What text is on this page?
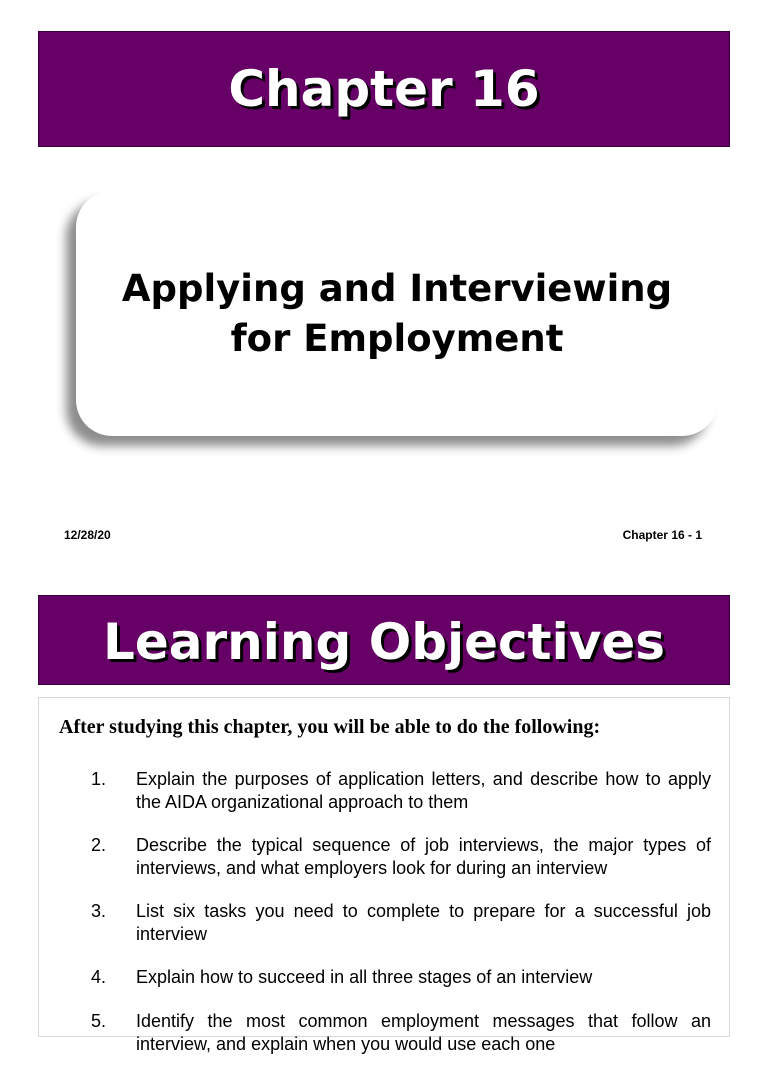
Chapter 16
Applying and Interviewing
for Employment
12/28/20	Chapter 16 - 1
Learning Objectives
After studying this chapter, you will be able to do the following:
1. Explain the purposes of application letters, and describe how to apply the AIDA organizational approach to them
2. Describe the typical sequence of job interviews, the major types of interviews, and what employers look for during an interview
3. List six tasks you need to complete to prepare for a successful job interview
4. Explain how to succeed in all three stages of an interview
5. Identify the most common employment messages that follow an interview, and explain when you would use each one
